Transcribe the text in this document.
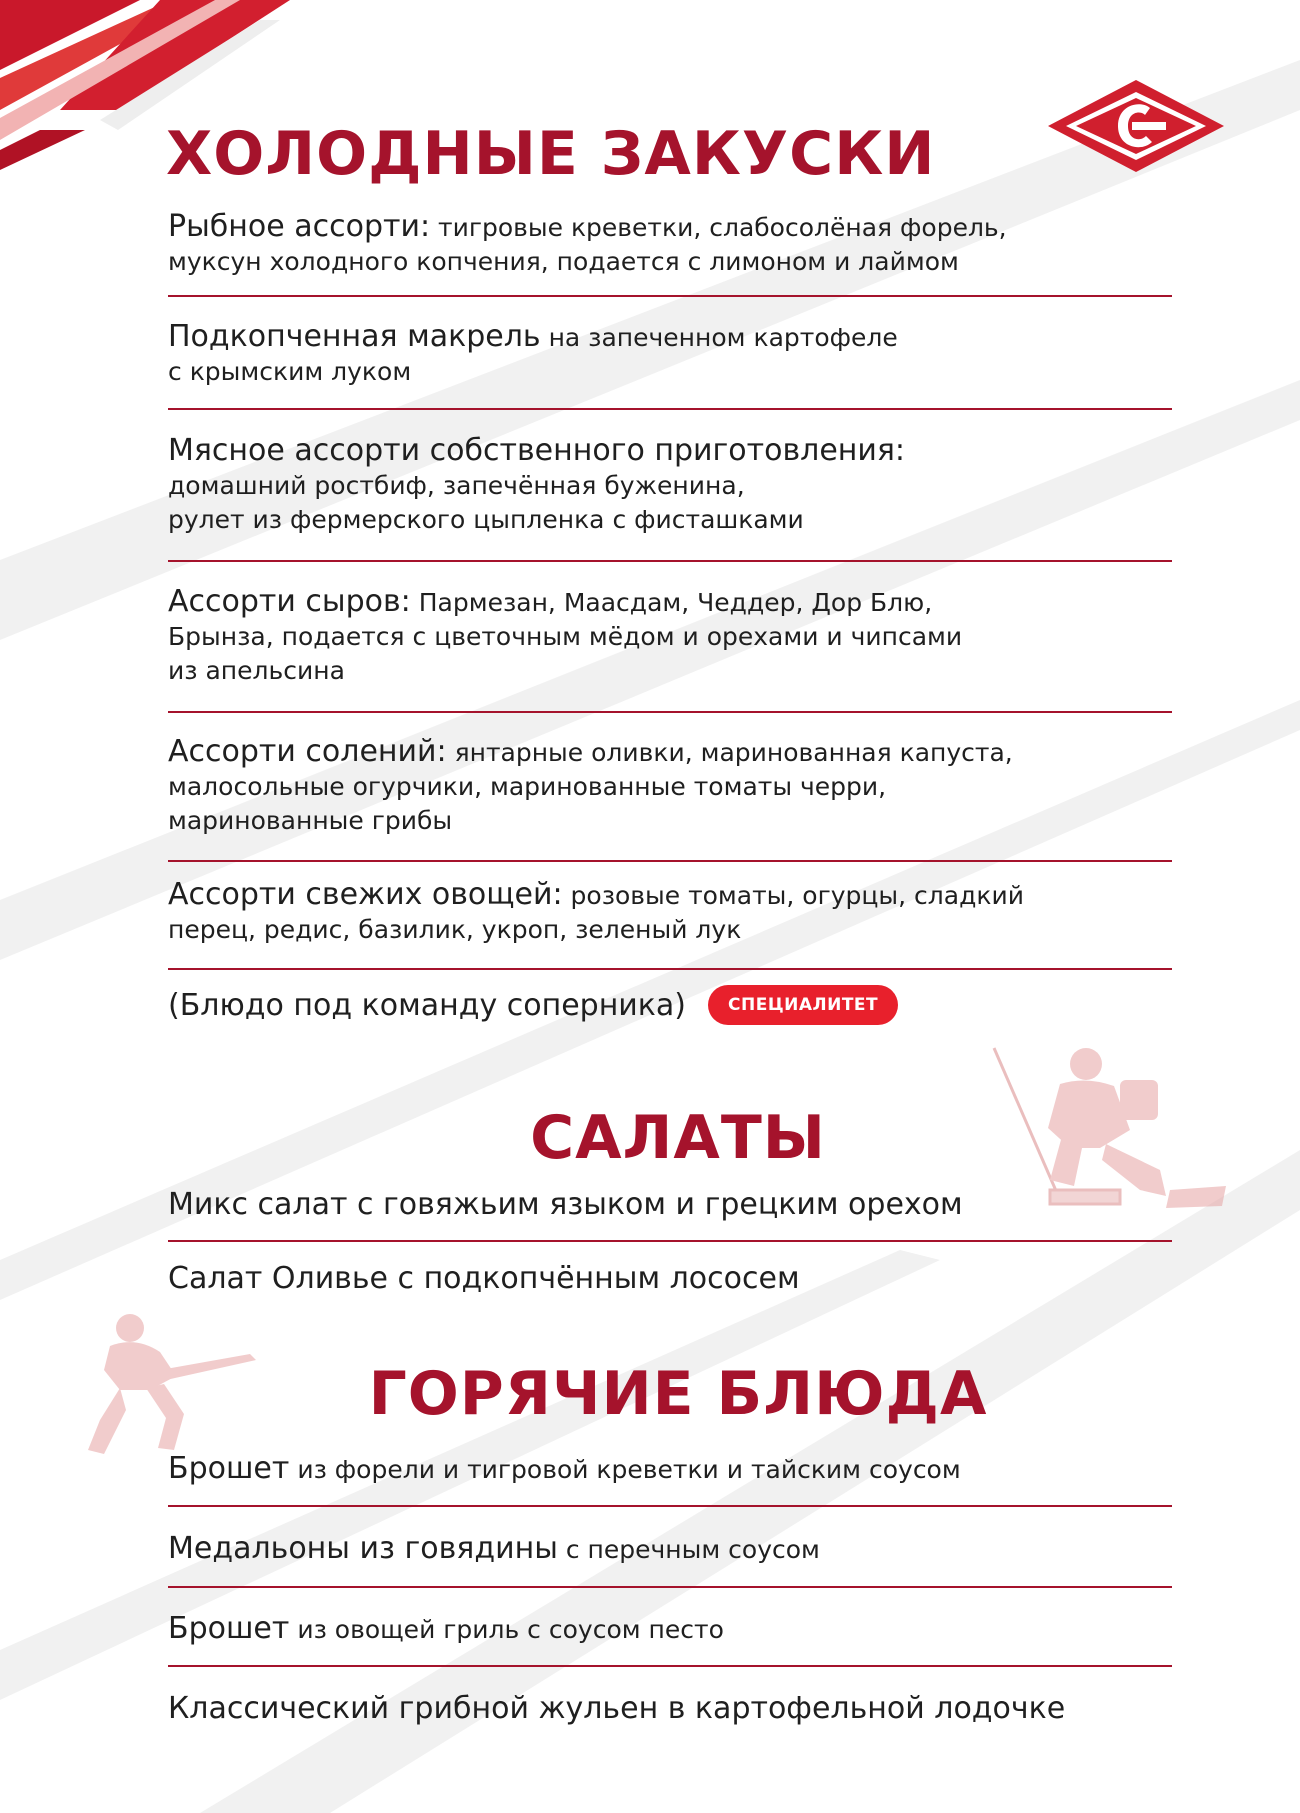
ХОЛОДНЫЕ ЗАКУСКИ
Рыбное ассорти: тигровые креветки, слабосолёная форель,
муксун холодного копчения, подается с лимоном и лаймом
Подкопченная макрель на запеченном картофеле
с крымским луком
Мясное ассорти собственного приготовления:
домашний ростбиф, запечённая буженина,
рулет из фермерского цыпленка с фисташками
Ассорти сыров: Пармезан, Маасдам, Чеддер, Дор Блю,
Брынза, подается с цветочным мёдом и орехами и чипсами
из апельсина
Ассорти солений: янтарные оливки, маринованная капуста,
малосольные огурчики, маринованные томаты черри,
маринованные грибы
Ассорти свежих овощей: розовые томаты, огурцы, сладкий
перец, редис, базилик, укроп, зеленый лук
(Блюдо под команду соперника) СПЕЦИАЛИТЕТ
САЛАТЫ
Микс салат с говяжьим языком и грецким орехом
Салат Оливье с подкопчённым лососем
ГОРЯЧИЕ БЛЮДА
Брошет из форели и тигровой креветки и тайским соусом
Медальоны из говядины с перечным соусом
Брошет из овощей гриль с соусом песто
Классический грибной жульен в картофельной лодочке
